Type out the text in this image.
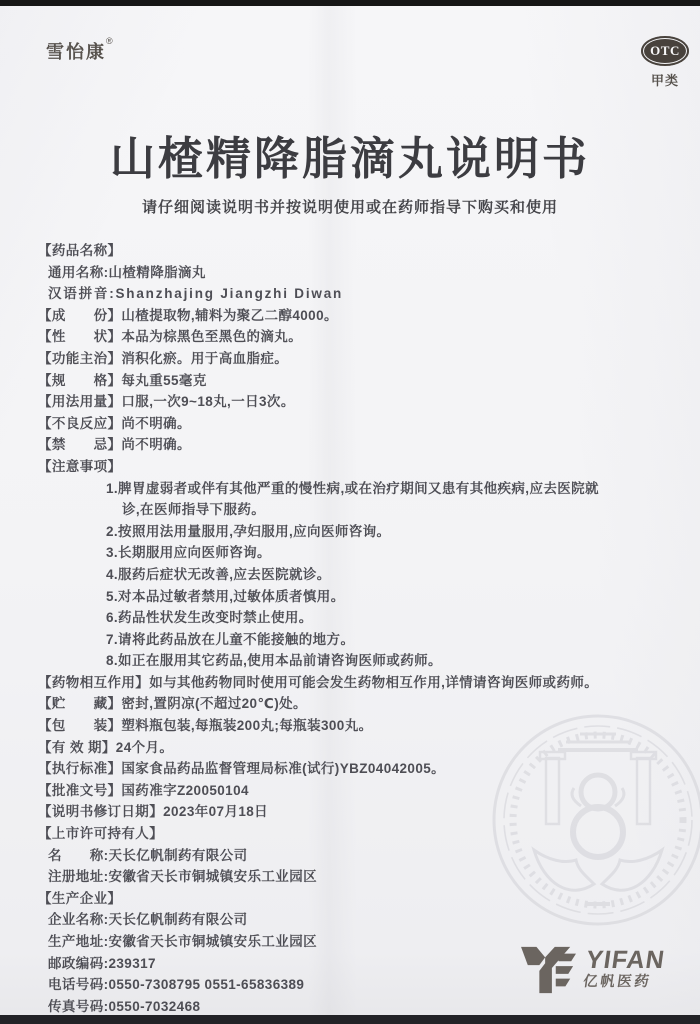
雪怡康®
OTC
甲类
山楂精降脂滴丸说明书
请仔细阅读说明书并按说明使用或在药师指导下购买和使用
【药品名称】
通用名称:山楂精降脂滴丸
汉语拼音:Shanzhajing Jiangzhi Diwan
【成　　份】山楂提取物,辅料为聚乙二醇4000。
【性　　状】本品为棕黑色至黑色的滴丸。
【功能主治】消积化瘀。用于高血脂症。
【规　　格】每丸重55毫克
【用法用量】口服,一次9~18丸,一日3次。
【不良反应】尚不明确。
【禁　　忌】尚不明确。
【注意事项】
1.脾胃虚弱者或伴有其他严重的慢性病,或在治疗期间又患有其他疾病,应去医院就
诊,在医师指导下服药。
2.按照用法用量服用,孕妇服用,应向医师咨询。
3.长期服用应向医师咨询。
4.服药后症状无改善,应去医院就诊。
5.对本品过敏者禁用,过敏体质者慎用。
6.药品性状发生改变时禁止使用。
7.请将此药品放在儿童不能接触的地方。
8.如正在服用其它药品,使用本品前请咨询医师或药师。
【药物相互作用】如与其他药物同时使用可能会发生药物相互作用,详情请咨询医师或药师。
【贮　　藏】密封,置阴凉(不超过20℃)处。
【包　　装】塑料瓶包装,每瓶装200丸;每瓶装300丸。
【有 效 期】24个月。
【执行标准】国家食品药品监督管理局标准(试行)YBZ04042005。
【批准文号】国药准字Z20050104
【说明书修订日期】2023年07月18日
【上市许可持有人】
名　　称:天长亿帆制药有限公司
注册地址:安徽省天长市铜城镇安乐工业园区
【生产企业】
企业名称:天长亿帆制药有限公司
生产地址:安徽省天长市铜城镇安乐工业园区
邮政编码:239317
电话号码:0550-7308795 0551-65836389
传真号码:0550-7032468
YIFAN
亿帆医药
